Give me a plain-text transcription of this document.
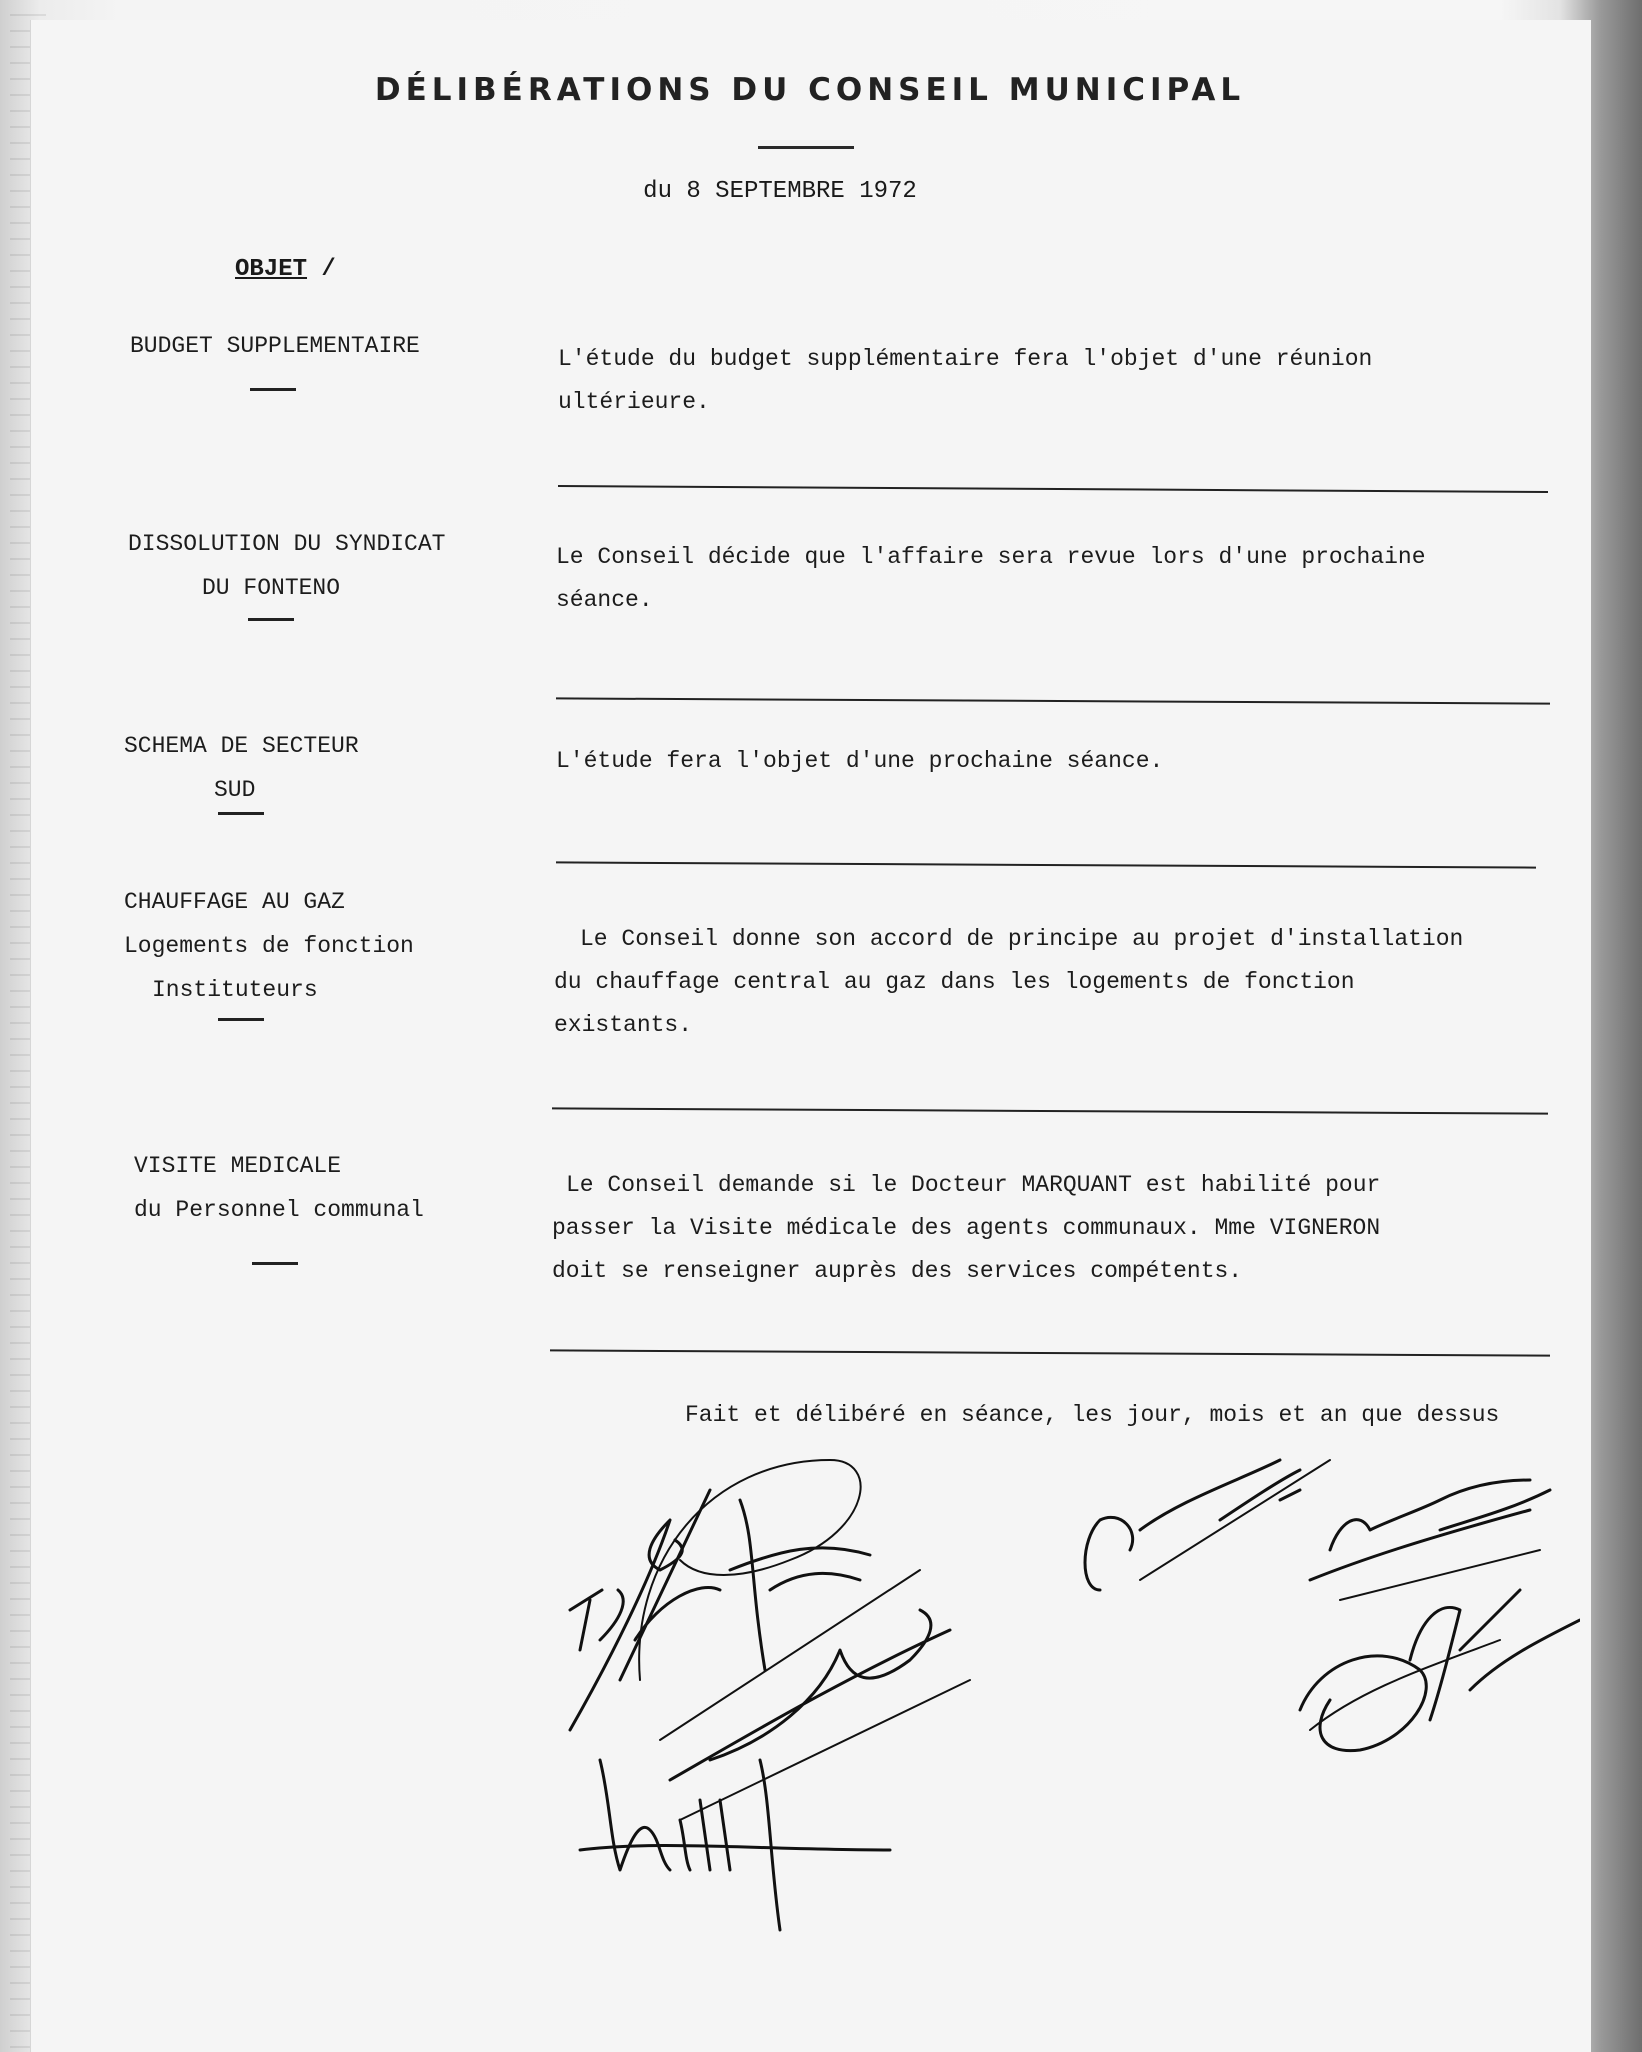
DÉLIBÉRATIONS DU CONSEIL MUNICIPAL
du 8 SEPTEMBRE 1972
OBJET /
BUDGET SUPPLEMENTAIRE	L'étude du budget supplémentaire fera l'objet d'une réunion
ultérieure.
DISSOLUTION DU SYNDICAT
DU FONTENO
Le Conseil décide que l'affaire sera revue lors d'une prochaine
séance.
SCHEMA DE SECTEUR
SUD
L'étude fera l'objet d'une prochaine séance.
CHAUFFAGE AU GAZ
Logements de fonction
Instituteurs
Le Conseil donne son accord de principe au projet d'installation
du chauffage central au gaz dans les logements de fonction
existants.
VISITE MEDICALE
du Personnel communal
Le Conseil demande si le Docteur MARQUANT est habilité pour
passer la Visite médicale des agents communaux. Mme VIGNERON
doit se renseigner auprès des services compétents.
Fait et délibéré en séance, les jour, mois et an que dessus
